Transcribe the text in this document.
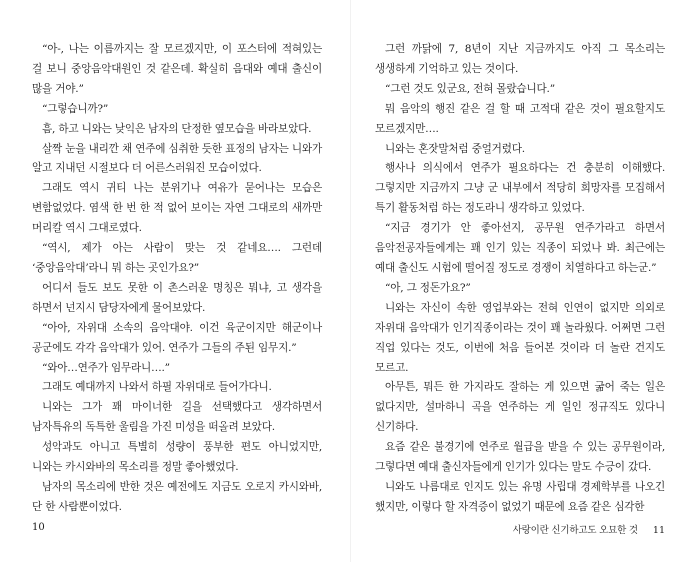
“아-, 나는 이름까지는 잘 모르겠지만, 이 포스터에 적혀있는 걸 보니 중앙음악대원인 것 같은데. 확실히 음대와 예대 출신이 많을 거야.”

“그렇습니까?”

흠, 하고 니와는 낮익은 남자의 단정한 옆모습을 바라보았다.

살짝 눈을 내리깐 채 연주에 심취한 듯한 표정의 남자는 니와가 알고 지내던 시절보다 더 어른스러워진 모습이었다.

그래도 역시 귀티 나는 분위기나 여유가 묻어나는 모습은 변함없었다. 염색 한 번 한 적 없어 보이는 자연 그대로의 새까만 머리칼 역시 그대로였다.

“역시, 제가 아는 사람이 맞는 것 같네요…. 그런데 ‘중앙음악대’라니 뭐 하는 곳인가요?”

어디서 들도 보도 못한 이 촌스러운 명칭은 뭐냐, 고 생각을 하면서 넌지시 담당자에게 물어보았다.

“아아, 자위대 소속의 음악대야. 이건 육군이지만 해군이나 공군에도 각각 음악대가 있어. 연주가 그들의 주된 임무지.”

“와아…연주가 임무라니….”

그래도 예대까지 나와서 하필 자위대로 들어가다니.

니와는 그가 꽤 마이너한 길을 선택했다고 생각하면서 남자특유의 독특한 울림을 가진 미성을 떠올려 보았다.

성악과도 아니고 특별히 성량이 풍부한 편도 아니었지만, 니와는 카시와바의 목소리를 정말 좋아했었다.

남자의 목소리에 반한 것은 예전에도 지금도 오로지 카시와바, 단 한 사람뿐이었다.

그런 까닭에 7, 8년이 지난 지금까지도 아직 그 목소리는 생생하게 기억하고 있는 것이다.

“그런 것도 있군요, 전혀 몰랐습니다.”

뭐 음악의 행진 같은 걸 할 때 고적대 같은 것이 필요할지도 모르겠지만….

니와는 혼잣말처럼 중얼거렸다.

행사나 의식에서 연주가 필요하다는 건 충분히 이해했다. 그렇지만 지금까지 그냥 군 내부에서 적당히 희망자를 모집해서 특기 활동처럼 하는 정도라니 생각하고 있었다.

“지금 경기가 안 좋아선지, 공무원 연주가라고 하면서 음악전공자들에게는 꽤 인기 있는 직종이 되었나 봐. 최근에는 예대 출신도 시험에 떨어질 정도로 경쟁이 치열하다고 하는군.”

“아, 그 정돈가요?”

니와는 자신이 속한 영업부와는 전혀 인연이 없지만 의외로 자위대 음악대가 인기직종이라는 것이 꽤 놀라웠다. 어쩌면 그런 직업 있다는 것도, 이번에 처음 들어본 것이라 더 놀란 건지도 모르고.

아무튼, 뭐든 한 가지라도 잘하는 게 있으면 굶어 죽는 일은 없다지만, 설마하니 곡을 연주하는 게 일인 정규직도 있다니 신기하다.

요즘 같은 불경기에 연주로 월급을 받을 수 있는 공무원이라, 그렇다면 예대 출신자들에게 인기가 있다는 말도 수긍이 갔다.

니와도 나름대로 인지도 있는 유명 사립대 경제학부를 나오긴 했지만, 이렇다 할 자격증이 없었기 때문에 요즘 같은 심각한

10	사랑이란 신기하고도 오묘한 것 11
